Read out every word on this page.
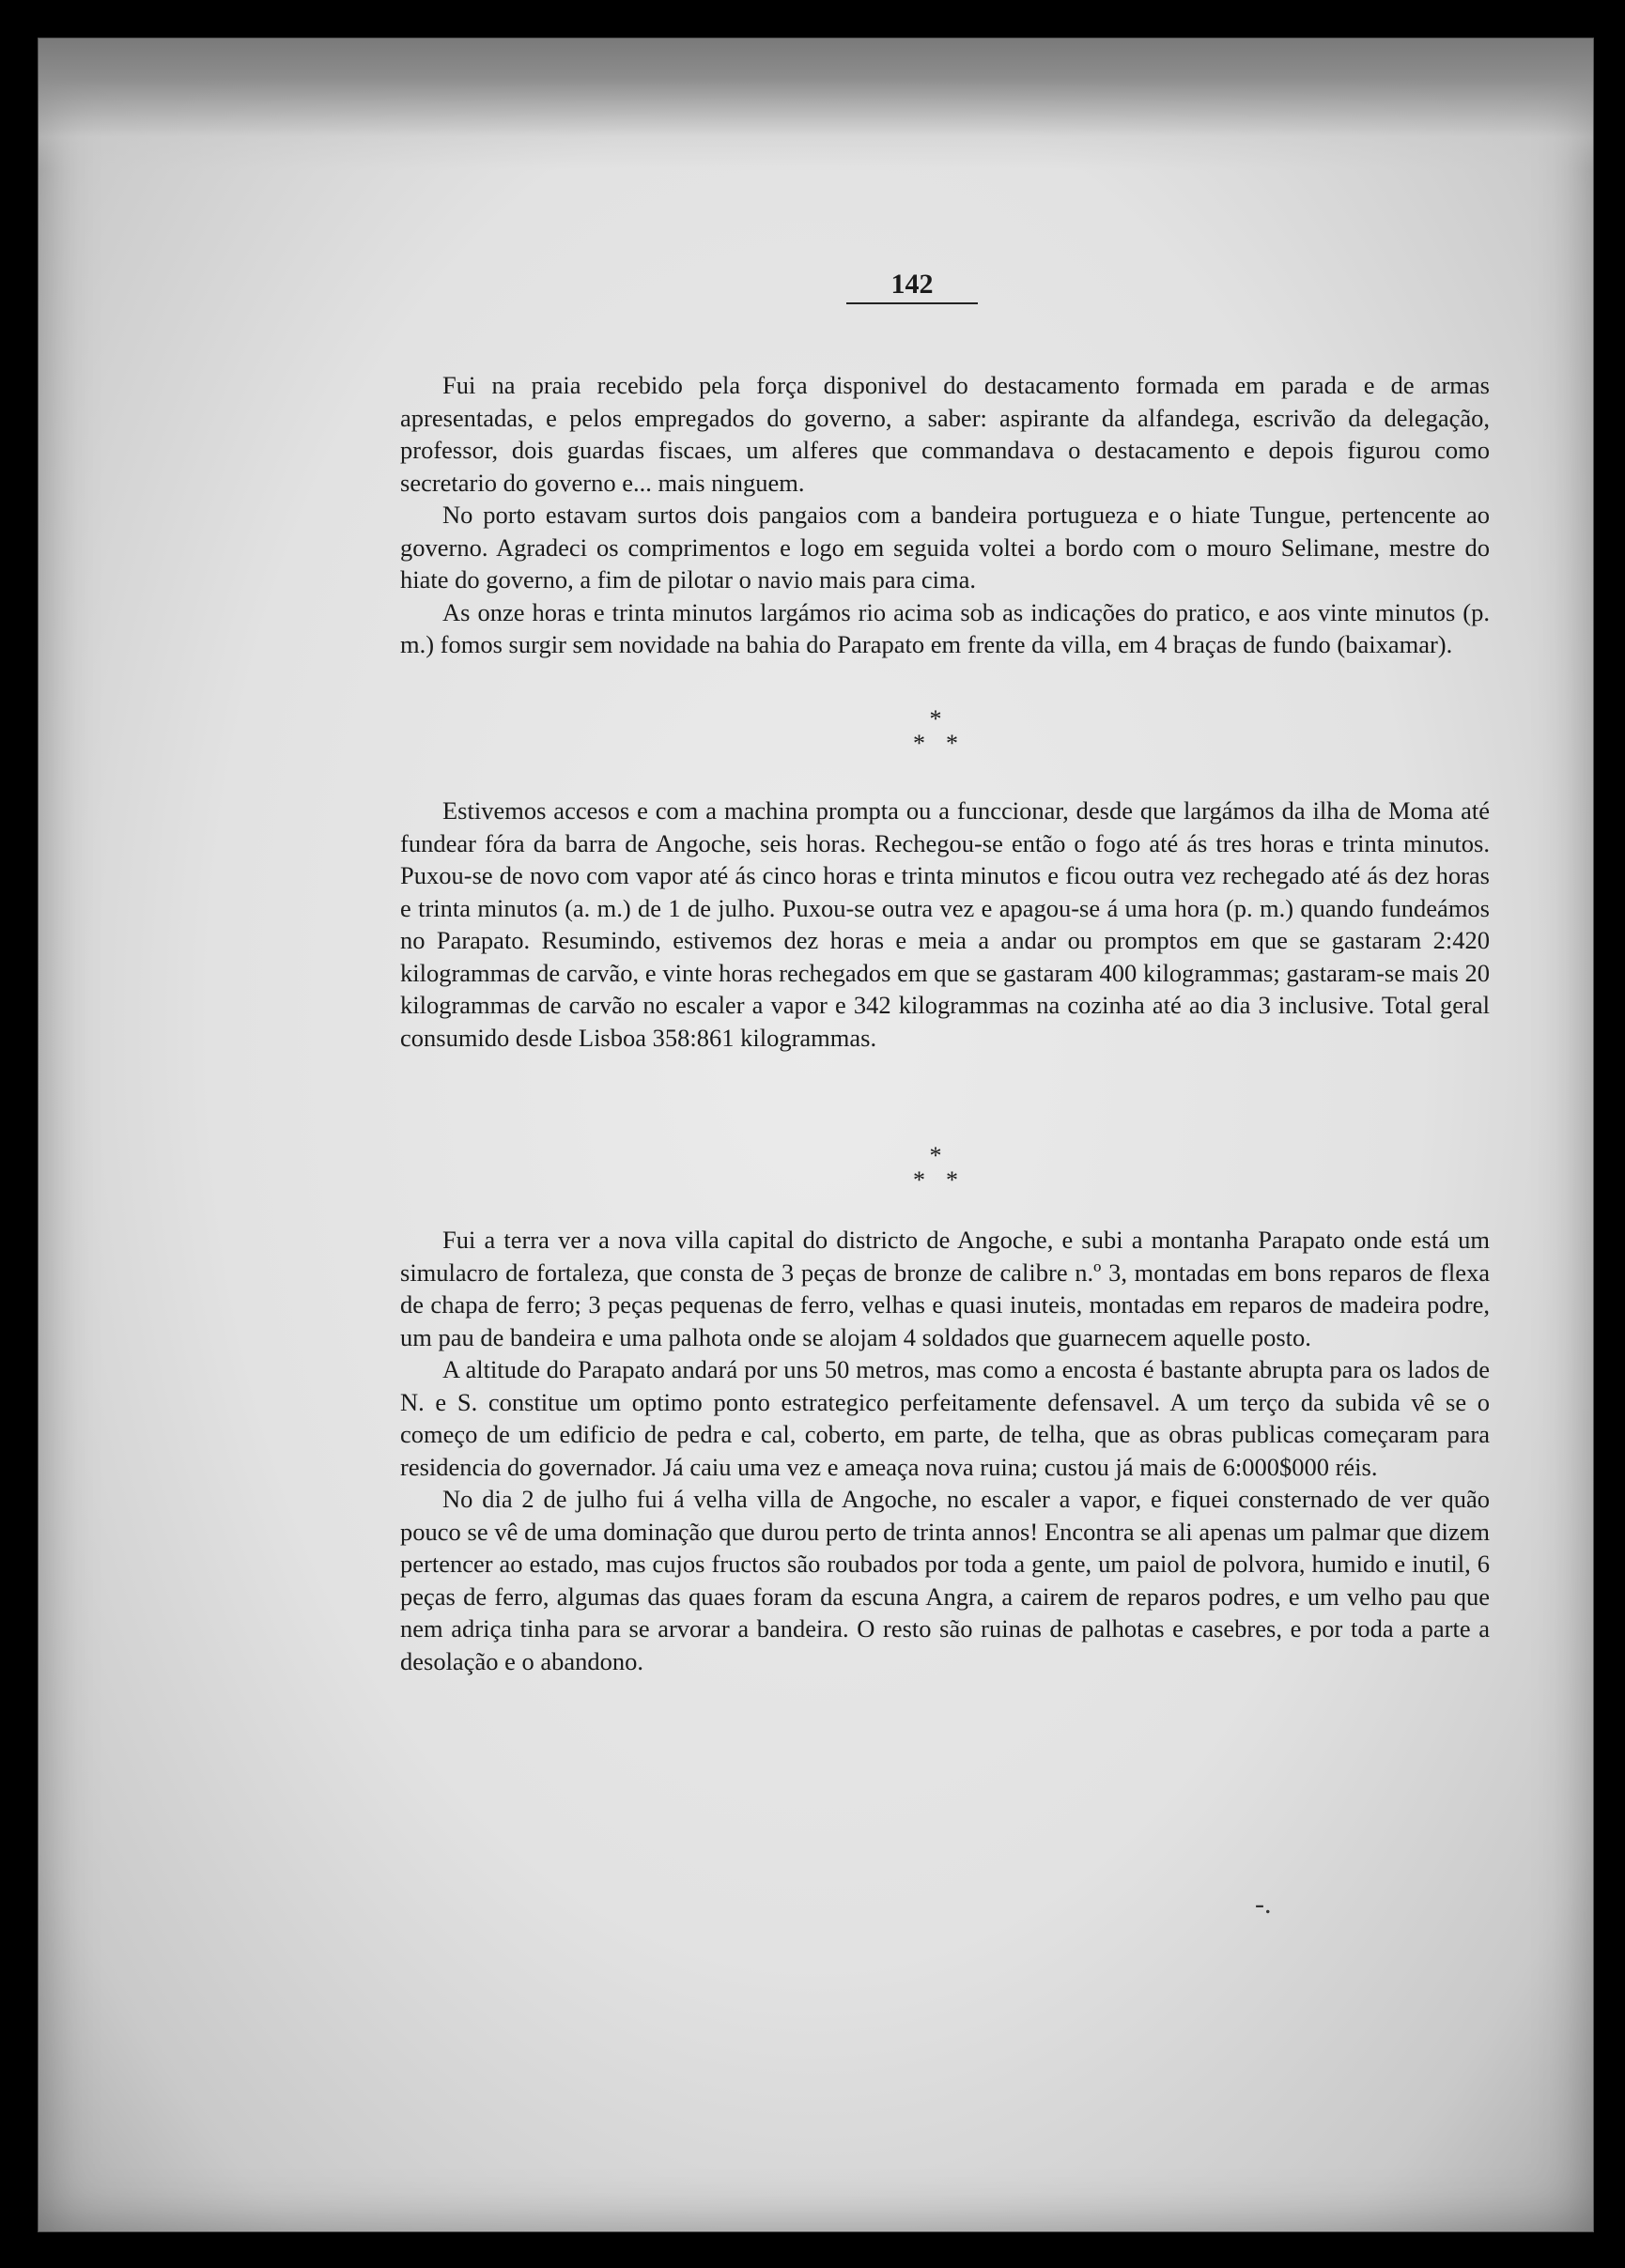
142

Fui na praia recebido pela força disponivel do destacamento formada em parada e de armas apresentadas, e pelos empregados do governo, a saber: aspirante da alfandega, escrivão da delegação, professor, dois guardas fiscaes, um alferes que commandava o destacamento e depois figurou como secretario do governo e... mais ninguem.

No porto estavam surtos dois pangaios com a bandeira portugueza e o hiate Tungue, pertencente ao governo. Agradeci os comprimentos e logo em seguida voltei a bordo com o mouro Selimane, mestre do hiate do governo, a fim de pilotar o navio mais para cima.

As onze horas e trinta minutos largámos rio acima sob as indicações do pratico, e aos vinte minutos (p. m.) fomos surgir sem novidade na bahia do Parapato em frente da villa, em 4 braças de fundo (baixamar).

*
**

Estivemos accesos e com a machina prompta ou a funccionar, desde que largámos da ilha de Moma até fundear fóra da barra de Angoche, seis horas. Rechegou-se então o fogo até ás tres horas e trinta minutos. Puxou-se de novo com vapor até ás cinco horas e trinta minutos e ficou outra vez rechegado até ás dez horas e trinta minutos (a. m.) de 1 de julho. Puxou-se outra vez e apagou-se á uma hora (p. m.) quando fundeámos no Parapato. Resumindo, estivemos dez horas e meia a andar ou promptos em que se gastaram 2:420 kilogrammas de carvão, e vinte horas rechegados em que se gastaram 400 kilogrammas; gastaram-se mais 20 kilogrammas de carvão no escaler a vapor e 342 kilogrammas na cozinha até ao dia 3 inclusive. Total geral consumido desde Lisboa 358:861 kilogrammas.

*
**

Fui a terra ver a nova villa capital do districto de Angoche, e subi a montanha Parapato onde está um simulacro de fortaleza, que consta de 3 peças de bronze de calibre n.º 3, montadas em bons reparos de flexa de chapa de ferro; 3 peças pequenas de ferro, velhas e quasi inuteis, montadas em reparos de madeira podre, um pau de bandeira e uma palhota onde se alojam 4 soldados que guarnecem aquelle posto.

A altitude do Parapato andará por uns 50 metros, mas como a encosta é bastante abrupta para os lados de N. e S. constitue um optimo ponto estrategico perfeitamente defensavel. A um terço da subida vê se o começo de um edificio de pedra e cal, coberto, em parte, de telha, que as obras publicas começaram para residencia do governador. Já caiu uma vez e ameaça nova ruina; custou já mais de 6:000$000 réis.

No dia 2 de julho fui á velha villa de Angoche, no escaler a vapor, e fiquei consternado de ver quão pouco se vê de uma dominação que durou perto de trinta annos! Encontra se ali apenas um palmar que dizem pertencer ao estado, mas cujos fructos são roubados por toda a gente, um paiol de polvora, humido e inutil, 6 peças de ferro, algumas das quaes foram da escuna Angra, a cairem de reparos podres, e um velho pau que nem adriça tinha para se arvorar a bandeira. O resto são ruinas de palhotas e casebres, e por toda a parte a desolação e o abandono.

-.
